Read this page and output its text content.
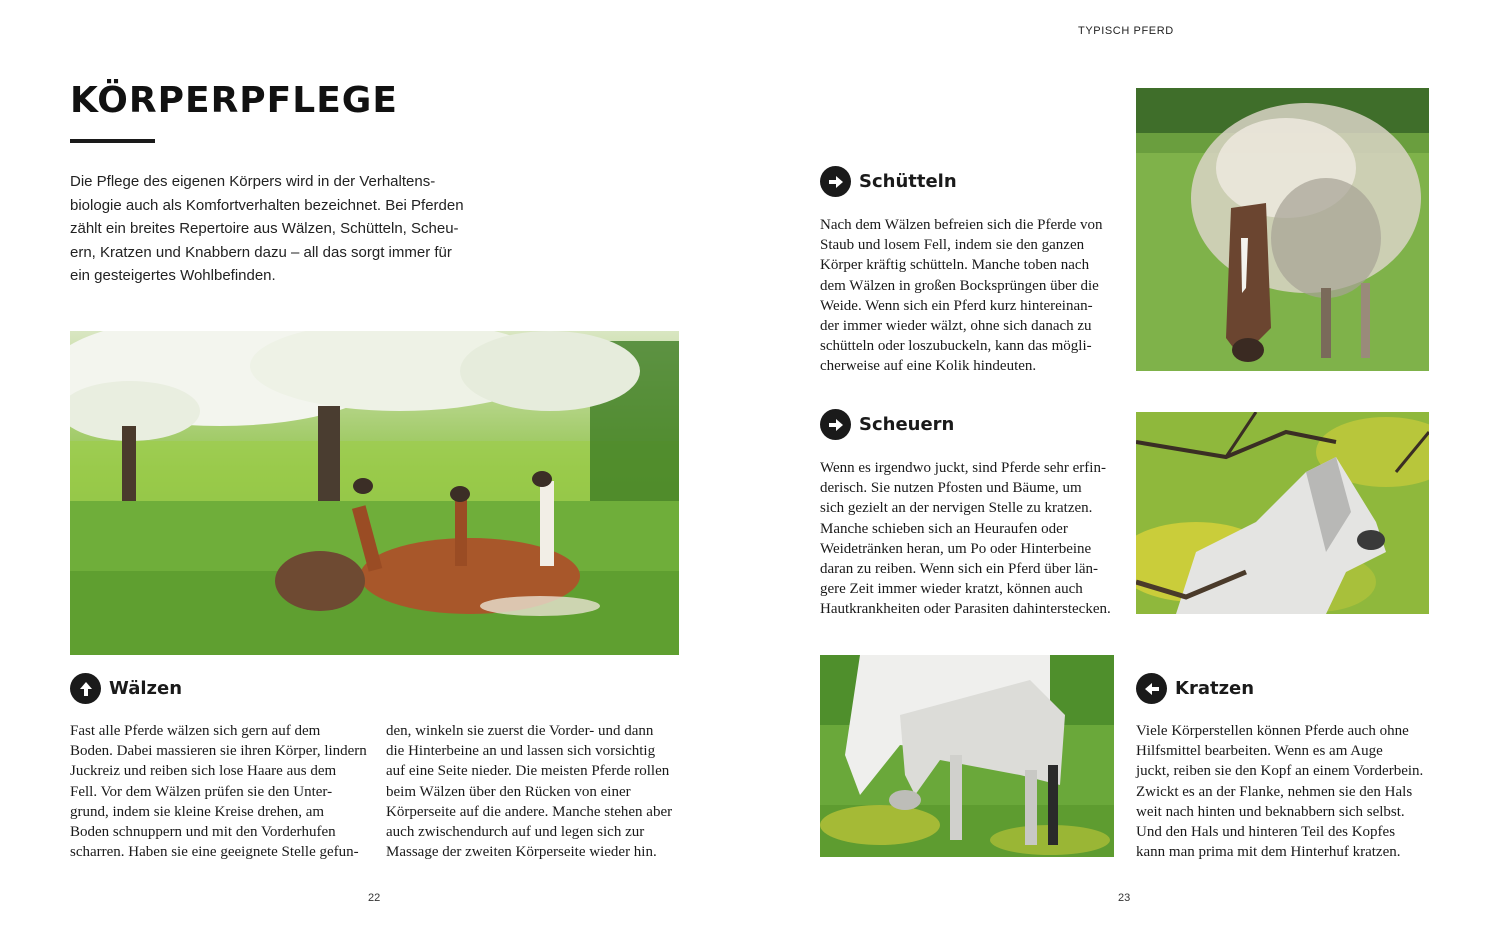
TYPISCH PFERD
KÖRPERPFLEGE

Die Pflege des eigenen Körpers wird in der Verhaltens-

biologie auch als Komfortverhalten bezeichnet. Bei Pferden

zählt ein breites Repertoire aus Wälzen, Schütteln, Scheu-

ern, Kratzen und Knabbern dazu – all das sorgt immer für

ein gesteigertes Wohlbefinden.

Wälzen

Fast alle Pferde wälzen sich gern auf dem

Boden. Dabei massieren sie ihren Körper, lindern

Juckreiz und reiben sich lose Haare aus dem

Fell. Vor dem Wälzen prüfen sie den Unter-

grund, indem sie kleine Kreise drehen, am

Boden schnuppern und mit den Vorderhufen

scharren. Haben sie eine geeignete Stelle gefun-

den, winkeln sie zuerst die Vorder- und dann

die Hinterbeine an und lassen sich vorsichtig

auf eine Seite nieder. Die meisten Pferde rollen

beim Wälzen über den Rücken von einer

Körperseite auf die andere. Manche stehen aber

auch zwischendurch auf und legen sich zur

Massage der zweiten Körperseite wieder hin.

Schütteln

Nach dem Wälzen befreien sich die Pferde von

Staub und losem Fell, indem sie den ganzen

Körper kräftig schütteln. Manche toben nach

dem Wälzen in großen Bocksprüngen über die

Weide. Wenn sich ein Pferd kurz hintereinan-

der immer wieder wälzt, ohne sich danach zu

schütteln oder loszubuckeln, kann das mögli-

cherweise auf eine Kolik hindeuten.

Scheuern

Wenn es irgendwo juckt, sind Pferde sehr erfin-

derisch. Sie nutzen Pfosten und Bäume, um

sich gezielt an der nervigen Stelle zu kratzen.

Manche schieben sich an Heuraufen oder

Weidetränken heran, um Po oder Hinterbeine

daran zu reiben. Wenn sich ein Pferd über län-

gere Zeit immer wieder kratzt, können auch

Hautkrankheiten oder Parasiten dahinterstecken.

Kratzen

Viele Körperstellen können Pferde auch ohne

Hilfsmittel bearbeiten. Wenn es am Auge

juckt, reiben sie den Kopf an einem Vorderbein.

Zwickt es an der Flanke, nehmen sie den Hals

weit nach hinten und beknabbern sich selbst.

Und den Hals und hinteren Teil des Kopfes

kann man prima mit dem Hinterhuf kratzen.

22	23
